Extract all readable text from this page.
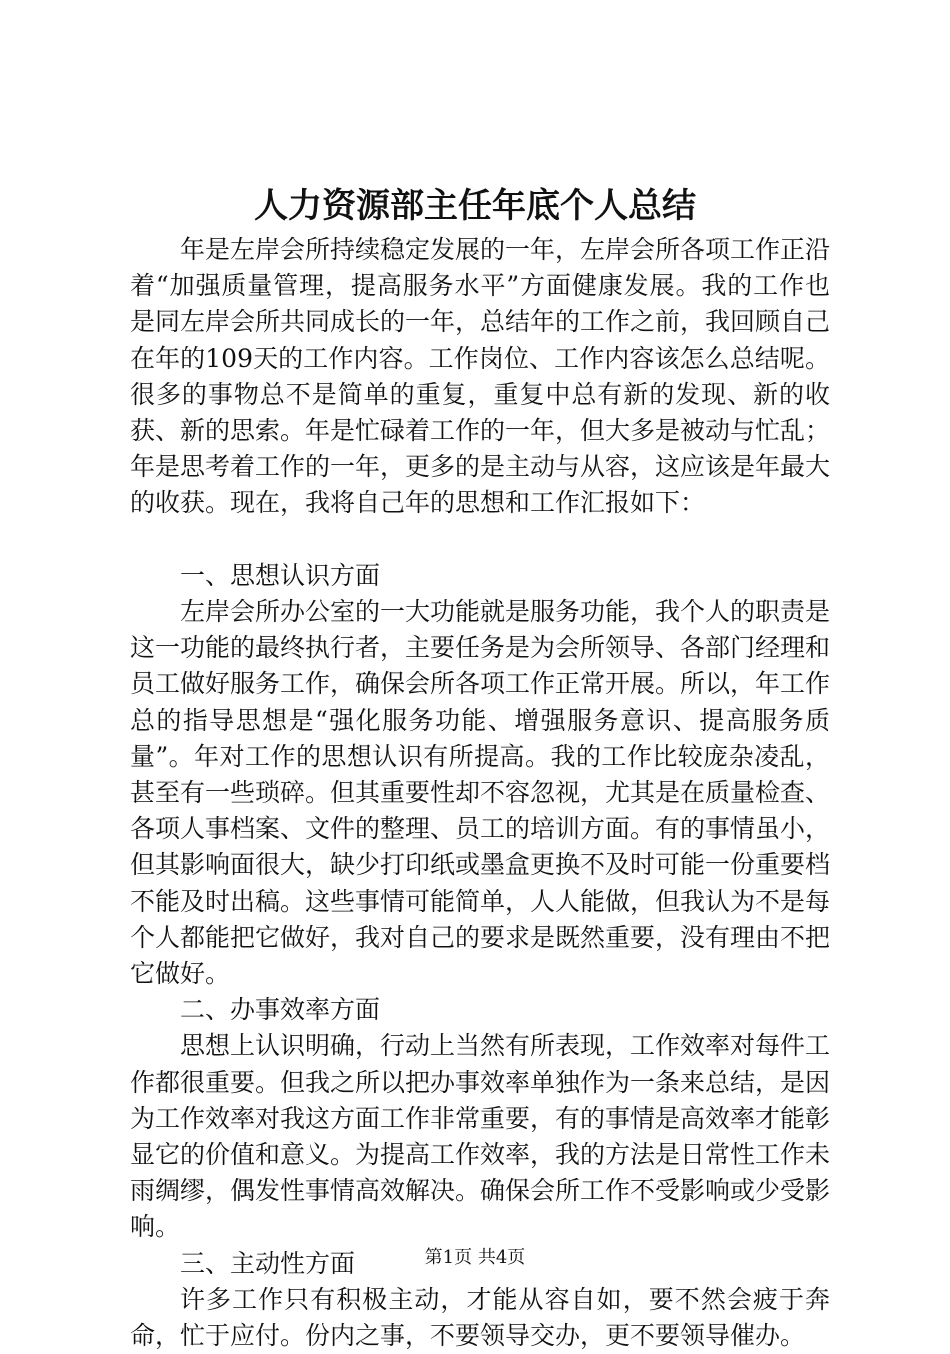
人力资源部主任年底个人总结

年是左岸会所持续稳定发展的一年，左岸会所各项工作正沿着“加强质量管理，提高服务水平”方面健康发展。我的工作也是同左岸会所共同成长的一年，总结年的工作之前，我回顾自己在年的109天的工作内容。工作岗位、工作内容该怎么总结呢。很多的事物总不是简单的重复，重复中总有新的发现、新的收获、新的思索。年是忙碌着工作的一年，但大多是被动与忙乱；年是思考着工作的一年，更多的是主动与从容，这应该是年最大的收获。现在，我将自己年的思想和工作汇报如下：

一、思想认识方面

左岸会所办公室的一大功能就是服务功能，我个人的职责是这一功能的最终执行者，主要任务是为会所领导、各部门经理和员工做好服务工作，确保会所各项工作正常开展。所以，年工作总的指导思想是“强化服务功能、增强服务意识、提高服务质量”。年对工作的思想认识有所提高。我的工作比较庞杂凌乱，甚至有一些琐碎。但其重要性却不容忽视，尤其是在质量检查、各项人事档案、文件的整理、员工的培训方面。有的事情虽小，但其影响面很大，缺少打印纸或墨盒更换不及时可能一份重要档不能及时出稿。这些事情可能简单，人人能做，但我认为不是每个人都能把它做好，我对自己的要求是既然重要，没有理由不把它做好。

二、办事效率方面

思想上认识明确，行动上当然有所表现，工作效率对每件工作都很重要。但我之所以把办事效率单独作为一条来总结，是因为工作效率对我这方面工作非常重要，有的事情是高效率才能彰显它的价值和意义。为提高工作效率，我的方法是日常性工作未雨绸缪，偶发性事情高效解决。确保会所工作不受影响或少受影响。

三、主动性方面

许多工作只有积极主动，才能从容自如，要不然会疲于奔命，忙于应付。份内之事，不要领导交办，更不要领导催办。

第1页 共4页
